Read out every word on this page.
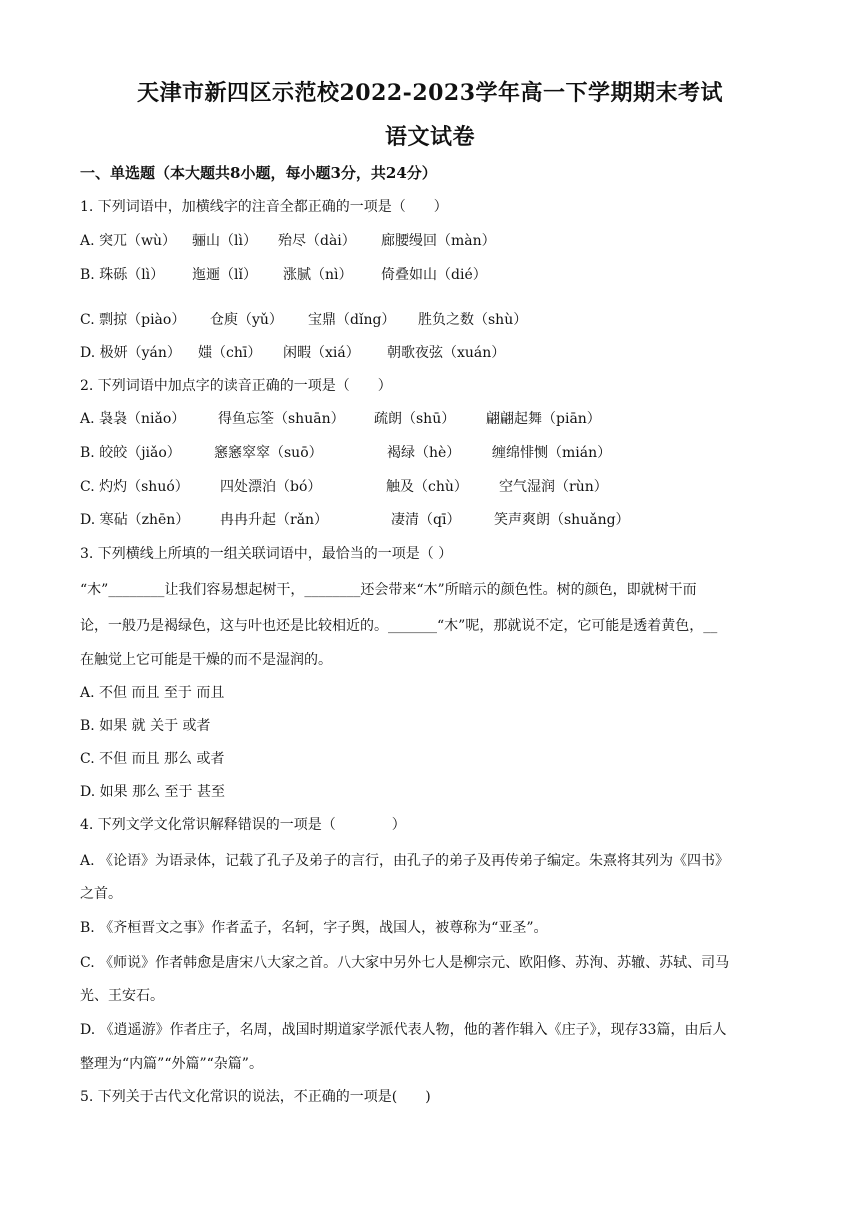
天津市新四区示范校2022-2023学年高一下学期期末考试
语文试卷
一、单选题（本大题共8小题，每小题3分，共24分）
1. 下列词语中，加横线字的注音全都正确的一项是（　　）
A. 突兀（wù）	骊山（lì）	殆尽（dài）	廊腰缦回（màn）
B. 珠砾（lì）	迤逦（lǐ）	涨腻（nì）	倚叠如山（dié）
C. 剽掠（piào）	仓庾（yǔ）	宝鼎（dǐng）	胜负之数（shù）
D. 极妍（yán）	媸（chī）	闲暇（xiá）	朝歌夜弦（xuán）
2. 下列词语中加点字的读音正确的一项是（　　）
A. 袅袅（niǎo）	得鱼忘筌（shuān）	疏朗（shū）	翩翩起舞（piān）
B. 皎皎（jiǎo）	窸窸窣窣（suō）	褐绿（hè）	缠绵悱恻（mián）
C. 灼灼（shuó）	四处漂泊（bó）	触及（chù）	空气湿润（rùn）
D. 寒砧（zhēn）	冉冉升起（rǎn）	凄清（qī）	笑声爽朗（shuǎng）
3. 下列横线上所填的一组关联词语中，最恰当的一项是（ ）
“木”________让我们容易想起树干，________还会带来“木”所暗示的颜色性。树的颜色，即就树干而
论，一般乃是褐绿色，这与叶也还是比较相近的。_______“木”呢，那就说不定，它可能是透着黄色，__
在触觉上它可能是干燥的而不是湿润的。
A. 不但 而且 至于 而且
B. 如果 就 关于 或者
C. 不但 而且 那么 或者
D. 如果 那么 至于 甚至
4. 下列文学文化常识解释错误的一项是（　　　　）
A. 《论语》为语录体，记载了孔子及弟子的言行，由孔子的弟子及再传弟子编定。朱熹将其列为《四书》
之首。
B. 《齐桓晋文之事》作者孟子，名轲，字子舆，战国人，被尊称为“亚圣”。
C. 《师说》作者韩愈是唐宋八大家之首。八大家中另外七人是柳宗元、欧阳修、苏洵、苏辙、苏轼、司马
光、王安石。
D. 《逍遥游》作者庄子，名周，战国时期道家学派代表人物，他的著作辑入《庄子》，现存33篇，由后人
整理为“内篇”“外篇”“杂篇”。
5. 下列关于古代文化常识的说法，不正确的一项是(　　)
